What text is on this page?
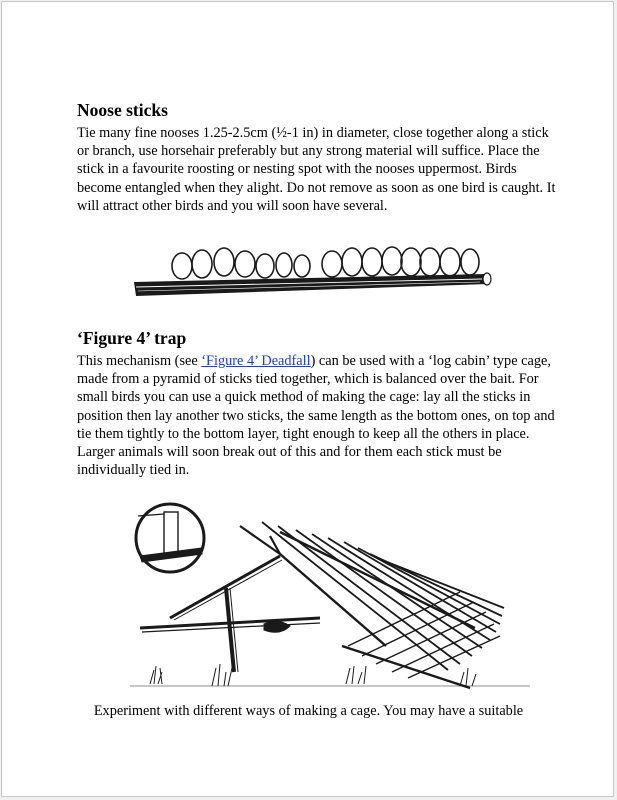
Noose sticks

Tie many fine nooses 1.25-2.5cm (½-1 in) in diameter, close together along a stick or branch, use horsehair preferably but any strong material will suffice. Place the stick in a favourite roosting or nesting spot with the nooses uppermost. Birds become entangled when they alight. Do not remove as soon as one bird is caught. It will attract other birds and you will soon have several.

‘Figure 4’ trap

This mechanism (see ‘Figure 4’ Deadfall) can be used with a ‘log cabin’ type cage, made from a pyramid of sticks tied together, which is balanced over the bait. For small birds you can use a quick method of making the cage: lay all the sticks in position then lay another two sticks, the same length as the bottom ones, on top and tie them tightly to the bottom layer, tight enough to keep all the others in place. Larger animals will soon break out of this and for them each stick must be individually tied in.

Experiment with different ways of making a cage. You may have a suitable
